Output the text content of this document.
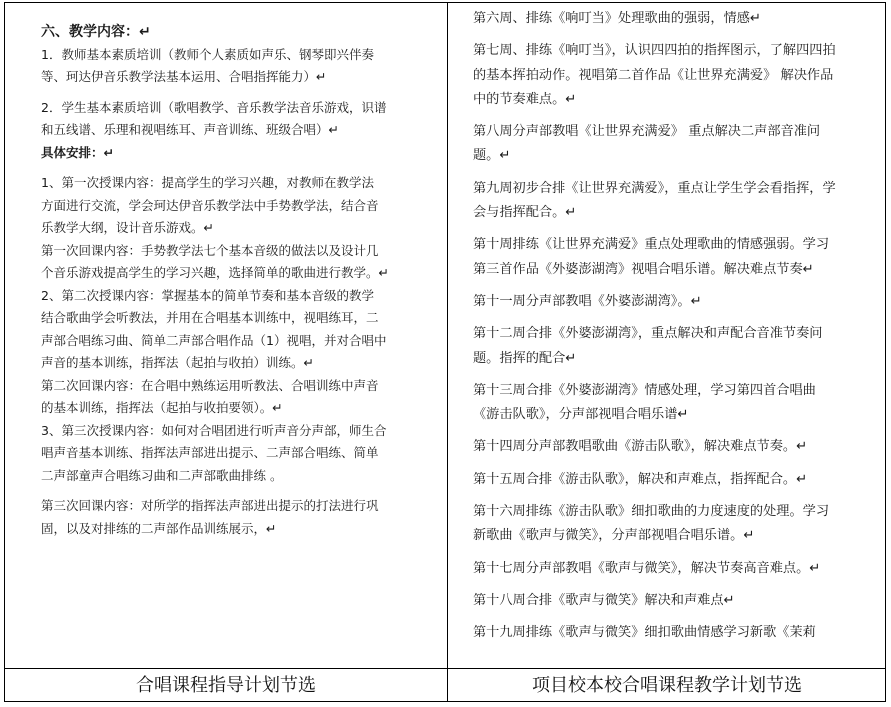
六、教学内容：↵
1．教师基本素质培训（教师个人素质如声乐、钢琴即兴伴奏
等、珂达伊音乐教学法基本运用、合唱指挥能力）↵
2．学生基本素质培训（歌唱教学、音乐教学法音乐游戏，识谱
和五线谱、乐理和视唱练耳、声音训练、班级合唱）↵
具体安排：↵
1、第一次授课内容：提高学生的学习兴趣，对教师在教学法
方面进行交流，学会珂达伊音乐教学法中手势教学法，结合音
乐教学大纲，设计音乐游戏。↵
第一次回课内容：手势教学法七个基本音级的做法以及设计几
个音乐游戏提高学生的学习兴趣，选择简单的歌曲进行教学。↵
2、第二次授课内容：掌握基本的简单节奏和基本音级的教学
结合歌曲学会听教法，并用在合唱基本训练中，视唱练耳，二
声部合唱练习曲、简单二声部合唱作品（1）视唱，并对合唱中
声音的基本训练，指挥法（起拍与收拍）训练。↵
第二次回课内容：在合唱中熟练运用听教法、合唱训练中声音
的基本训练，指挥法（起拍与收拍要领）。↵
3、第三次授课内容：如何对合唱团进行听声音分声部，师生合
唱声音基本训练、指挥法声部进出提示、二声部合唱练、简单
二声部童声合唱练习曲和二声部歌曲排练 。
第三次回课内容：对所学的指挥法声部进出提示的打法进行巩
固，以及对排练的二声部作品训练展示，↵
第六周、排练《响叮当》处理歌曲的强弱，情感↵
第七周、排练《响叮当》，认识四四拍的指挥图示，了解四四拍
的基本挥拍动作。视唱第二首作品《让世界充满爱》 解决作品
中的节奏难点。↵
第八周分声部教唱《让世界充满爱》 重点解决二声部音准问
题。↵
第九周初步合排《让世界充满爱》，重点让学生学会看指挥，学
会与指挥配合。↵
第十周排练《让世界充满爱》重点处理歌曲的情感强弱。学习
第三首作品《外婆澎湖湾》视唱合唱乐谱。解决难点节奏↵
第十一周分声部教唱《外婆澎湖湾》。↵
第十二周合排《外婆澎湖湾》，重点解决和声配合音准节奏问
题。指挥的配合↵
第十三周合排《外婆澎湖湾》情感处理，学习第四首合唱曲
《游击队歌》，分声部视唱合唱乐谱↵
第十四周分声部教唱歌曲《游击队歌》，解决难点节奏。↵
第十五周合排《游击队歌》，解决和声难点，指挥配合。↵
第十六周排练《游击队歌》细扣歌曲的力度速度的处理。学习
新歌曲《歌声与微笑》，分声部视唱合唱乐谱。↵
第十七周分声部教唱《歌声与微笑》，解决节奏高音难点。↵
第十八周合排《歌声与微笑》解决和声难点↵
第十九周排练《歌声与微笑》细扣歌曲情感学习新歌《茉莉
合唱课程指导计划节选	项目校本校合唱课程教学计划节选
